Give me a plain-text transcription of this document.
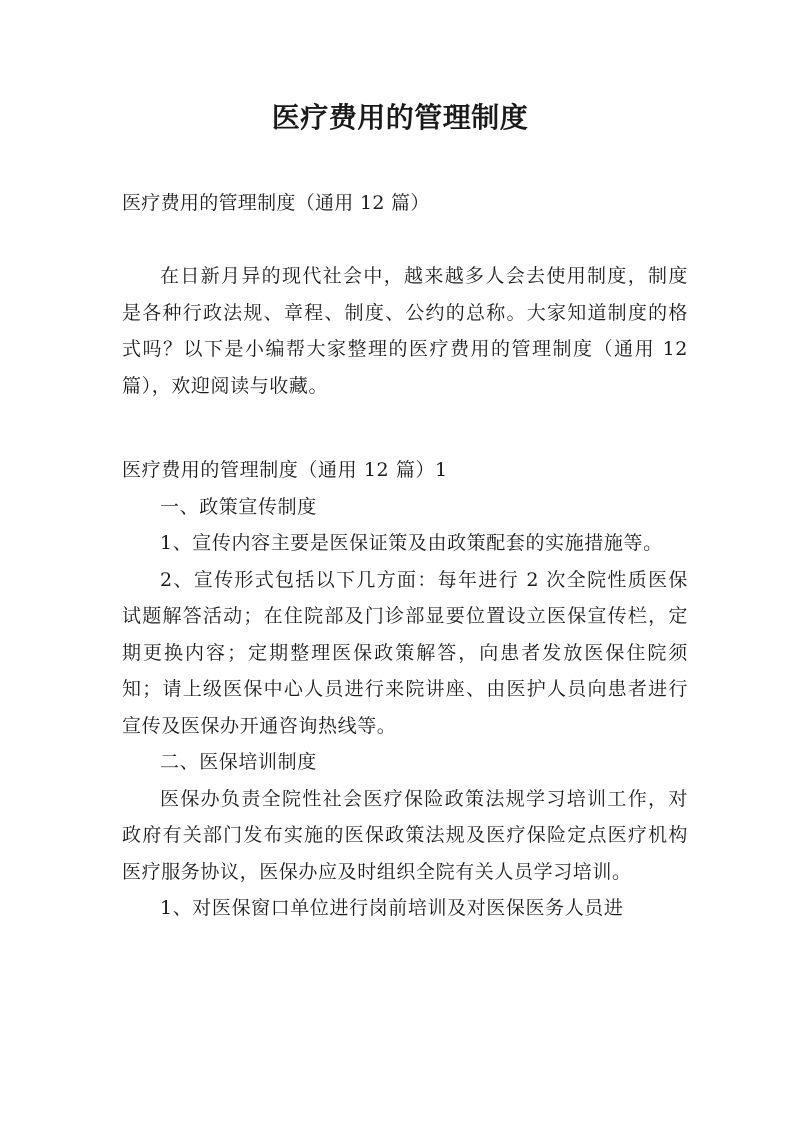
医疗费用的管理制度
医疗费用的管理制度（通用 12 篇）
在日新月异的现代社会中，越来越多人会去使用制度，制度是各种行政法规、章程、制度、公约的总称。大家知道制度的格式吗？以下是小编帮大家整理的医疗费用的管理制度（通用 12 篇），欢迎阅读与收藏。

医疗费用的管理制度（通用 12 篇）1

一、政策宣传制度

1、宣传内容主要是医保证策及由政策配套的实施措施等。

2、宣传形式包括以下几方面：每年进行 2 次全院性质医保试题解答活动；在住院部及门诊部显要位置设立医保宣传栏，定期更换内容；定期整理医保政策解答，向患者发放医保住院须知；请上级医保中心人员进行来院讲座、由医护人员向患者进行宣传及医保办开通咨询热线等。

二、医保培训制度

医保办负责全院性社会医疗保险政策法规学习培训工作，对政府有关部门发布实施的医保政策法规及医疗保险定点医疗机构医疗服务协议，医保办应及时组织全院有关人员学习培训。

1、对医保窗口单位进行岗前培训及对医保医务人员进
